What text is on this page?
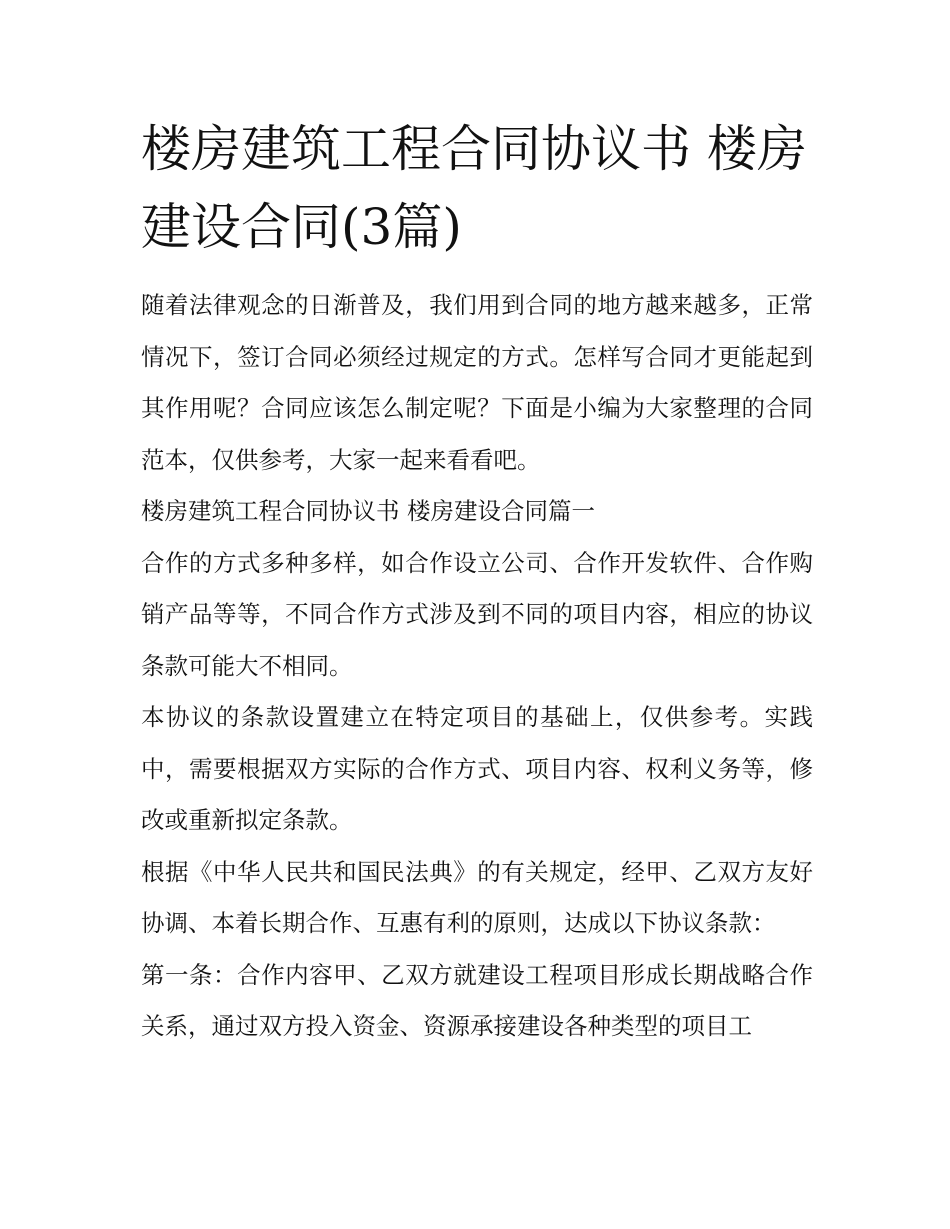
楼房建筑工程合同协议书 楼房建设合同(3篇)

随着法律观念的日渐普及，我们用到合同的地方越来越多，正常情况下，签订合同必须经过规定的方式。怎样写合同才更能起到其作用呢？合同应该怎么制定呢？下面是小编为大家整理的合同范本，仅供参考，大家一起来看看吧。

楼房建筑工程合同协议书 楼房建设合同篇一

合作的方式多种多样，如合作设立公司、合作开发软件、合作购销产品等等，不同合作方式涉及到不同的项目内容，相应的协议条款可能大不相同。

本协议的条款设置建立在特定项目的基础上，仅供参考。实践中，需要根据双方实际的合作方式、项目内容、权利义务等，修改或重新拟定条款。

根据《中华人民共和国民法典》的有关规定，经甲、乙双方友好协调、本着长期合作、互惠有利的原则，达成以下协议条款：

第一条：合作内容甲、乙双方就建设工程项目形成长期战略合作关系，通过双方投入资金、资源承接建设各种类型的项目工
